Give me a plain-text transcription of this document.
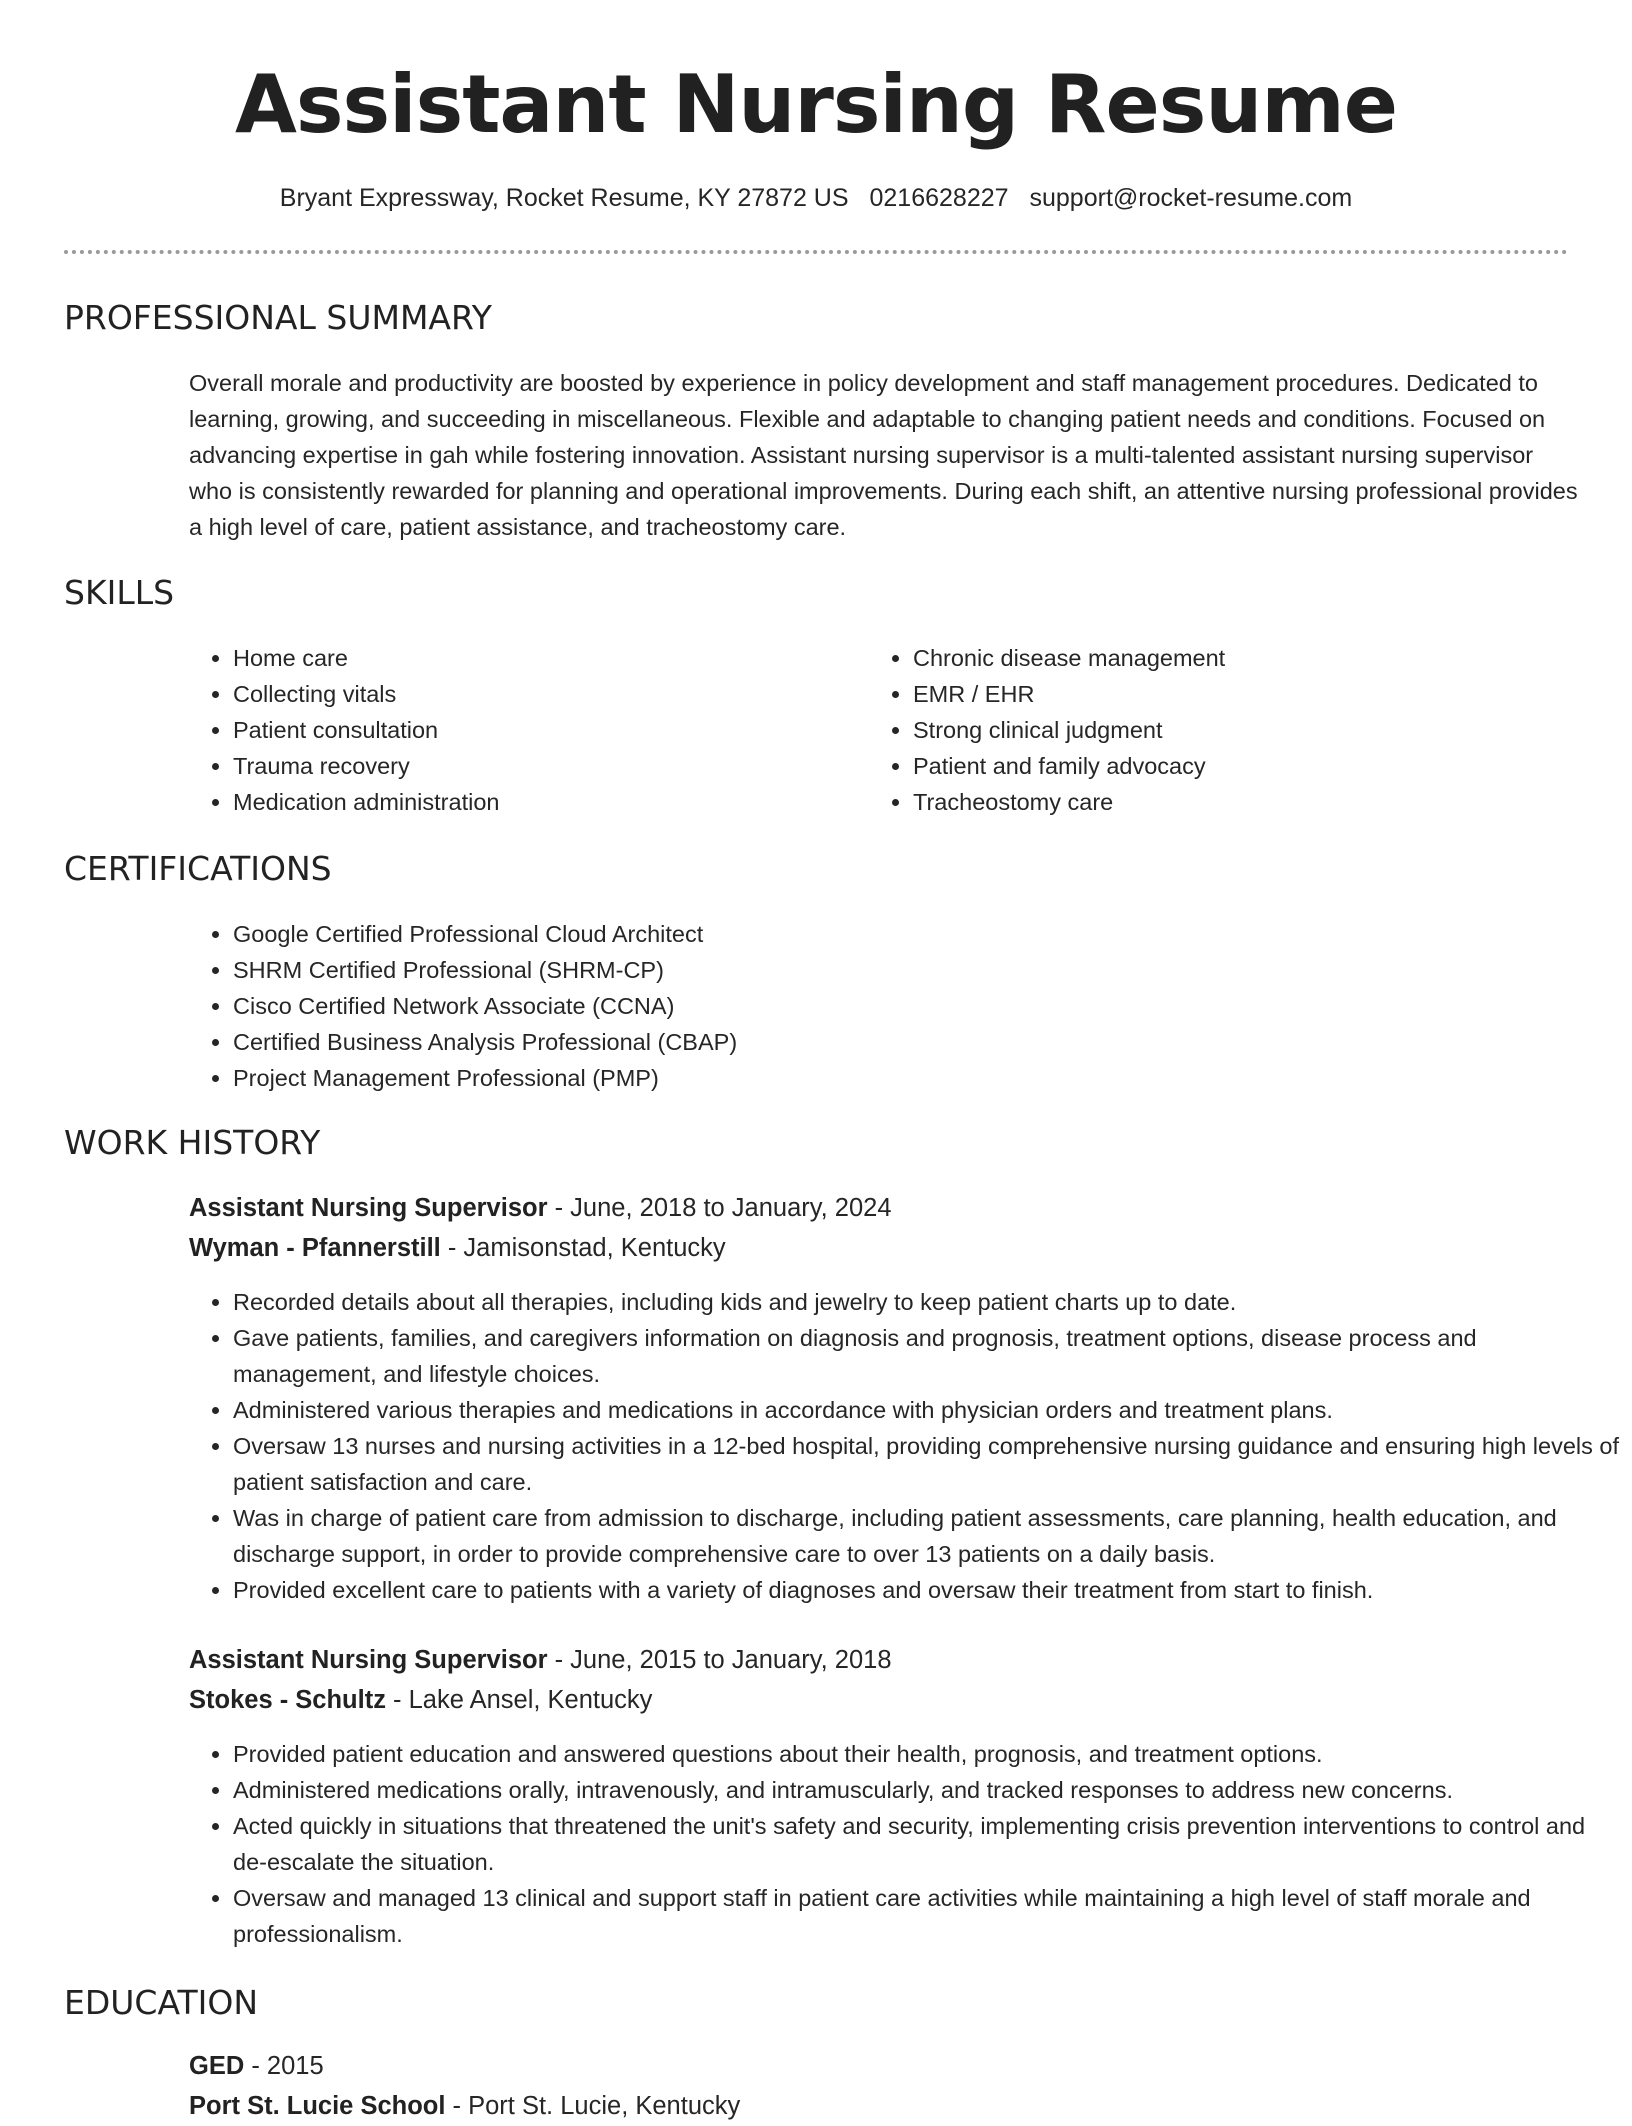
Assistant Nursing Resume
Bryant Expressway, Rocket Resume, KY 27872 US 0216628227 support@rocket-resume.com
PROFESSIONAL SUMMARY

Overall morale and productivity are boosted by experience in policy development and staff management procedures. Dedicated to learning, growing, and succeeding in miscellaneous. Flexible and adaptable to changing patient needs and conditions. Focused on advancing expertise in gah while fostering innovation. Assistant nursing supervisor is a multi-talented assistant nursing supervisor who is consistently rewarded for planning and operational improvements. During each shift, an attentive nursing professional provides a high level of care, patient assistance, and tracheostomy care.

SKILLS
• Home care
• Collecting vitals
• Patient consultation
• Trauma recovery
• Medication administration
• Chronic disease management
• EMR / EHR
• Strong clinical judgment
• Patient and family advocacy
• Tracheostomy care
CERTIFICATIONS
• Google Certified Professional Cloud Architect
• SHRM Certified Professional (SHRM-CP)
• Cisco Certified Network Associate (CCNA)
• Certified Business Analysis Professional (CBAP)
• Project Management Professional (PMP)
WORK HISTORY
Assistant Nursing Supervisor - June, 2018 to January, 2024
Wyman - Pfannerstill - Jamisonstad, Kentucky
• Recorded details about all therapies, including kids and jewelry to keep patient charts up to date.
• Gave patients, families, and caregivers information on diagnosis and prognosis, treatment options, disease process and management, and lifestyle choices.
• Administered various therapies and medications in accordance with physician orders and treatment plans.
• Oversaw 13 nurses and nursing activities in a 12-bed hospital, providing comprehensive nursing guidance and ensuring high levels of patient satisfaction and care.
• Was in charge of patient care from admission to discharge, including patient assessments, care planning, health education, and discharge support, in order to provide comprehensive care to over 13 patients on a daily basis.
• Provided excellent care to patients with a variety of diagnoses and oversaw their treatment from start to finish.
Assistant Nursing Supervisor - June, 2015 to January, 2018
Stokes - Schultz - Lake Ansel, Kentucky
• Provided patient education and answered questions about their health, prognosis, and treatment options.
• Administered medications orally, intravenously, and intramuscularly, and tracked responses to address new concerns.
• Acted quickly in situations that threatened the unit's safety and security, implementing crisis prevention interventions to control and de-escalate the situation.
• Oversaw and managed 13 clinical and support staff in patient care activities while maintaining a high level of staff morale and professionalism.
EDUCATION
GED - 2015
Port St. Lucie School - Port St. Lucie, Kentucky
